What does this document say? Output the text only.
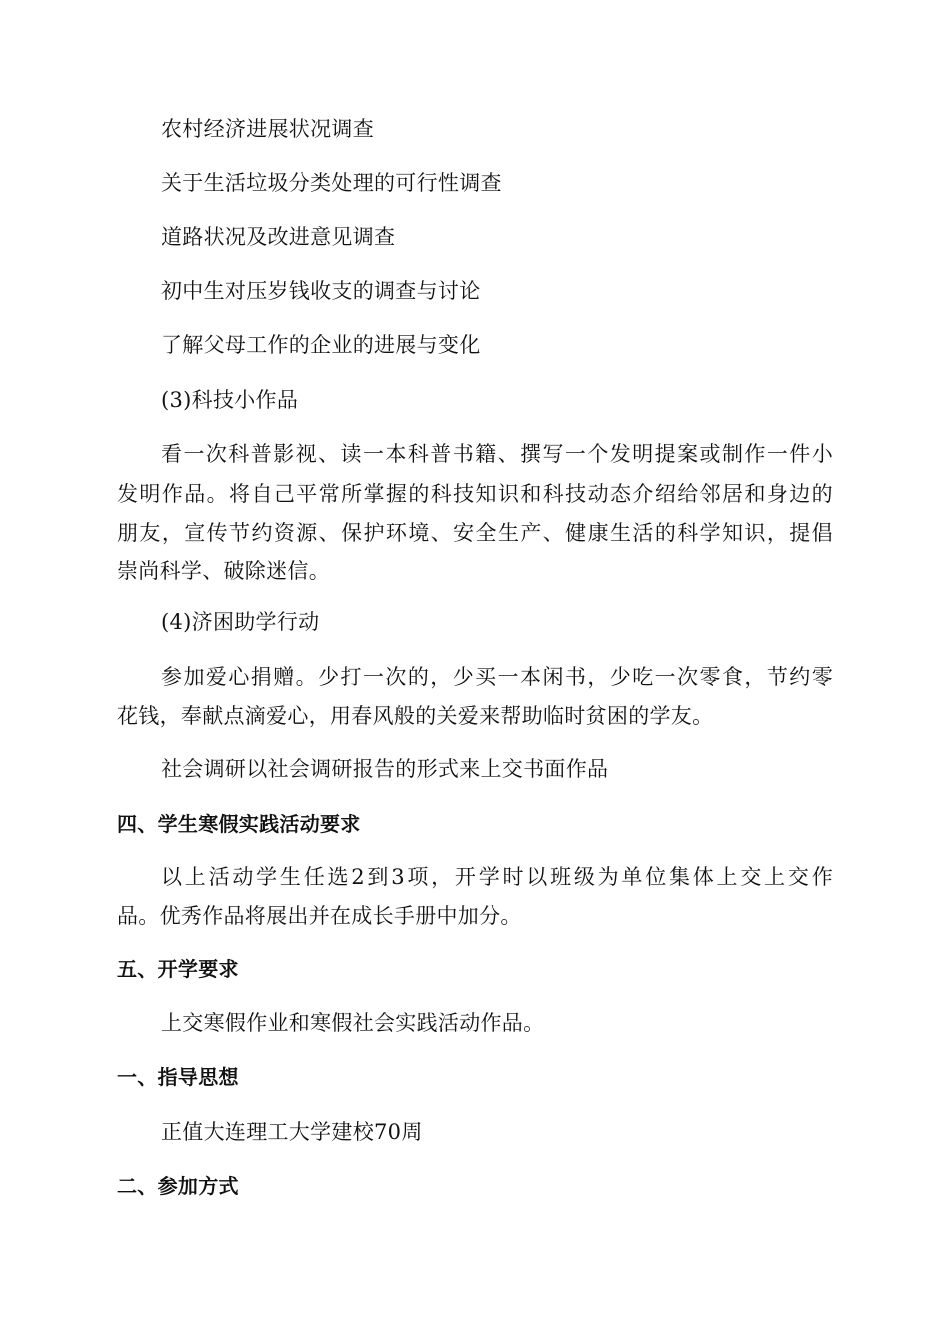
农村经济进展状况调查
关于生活垃圾分类处理的可行性调查
道路状况及改进意见调查
初中生对压岁钱收支的调查与讨论
了解父母工作的企业的进展与变化
(3)科技小作品
看一次科普影视、读一本科普书籍、撰写一个发明提案或制作一件小
发明作品。将自己平常所掌握的科技知识和科技动态介绍给邻居和身边的
朋友，宣传节约资源、保护环境、安全生产、健康生活的科学知识，提倡
崇尚科学、破除迷信。
(4)济困助学行动
参加爱心捐赠。少打一次的，少买一本闲书，少吃一次零食，节约零
花钱，奉献点滴爱心，用春风般的关爱来帮助临时贫困的学友。
社会调研以社会调研报告的形式来上交书面作品
四、学生寒假实践活动要求
以上活动学生任选2到3项，开学时以班级为单位集体上交上交作
品。优秀作品将展出并在成长手册中加分。
五、开学要求
上交寒假作业和寒假社会实践活动作品。
一、指导思想
正值大连理工大学建校70周
二、参加方式
